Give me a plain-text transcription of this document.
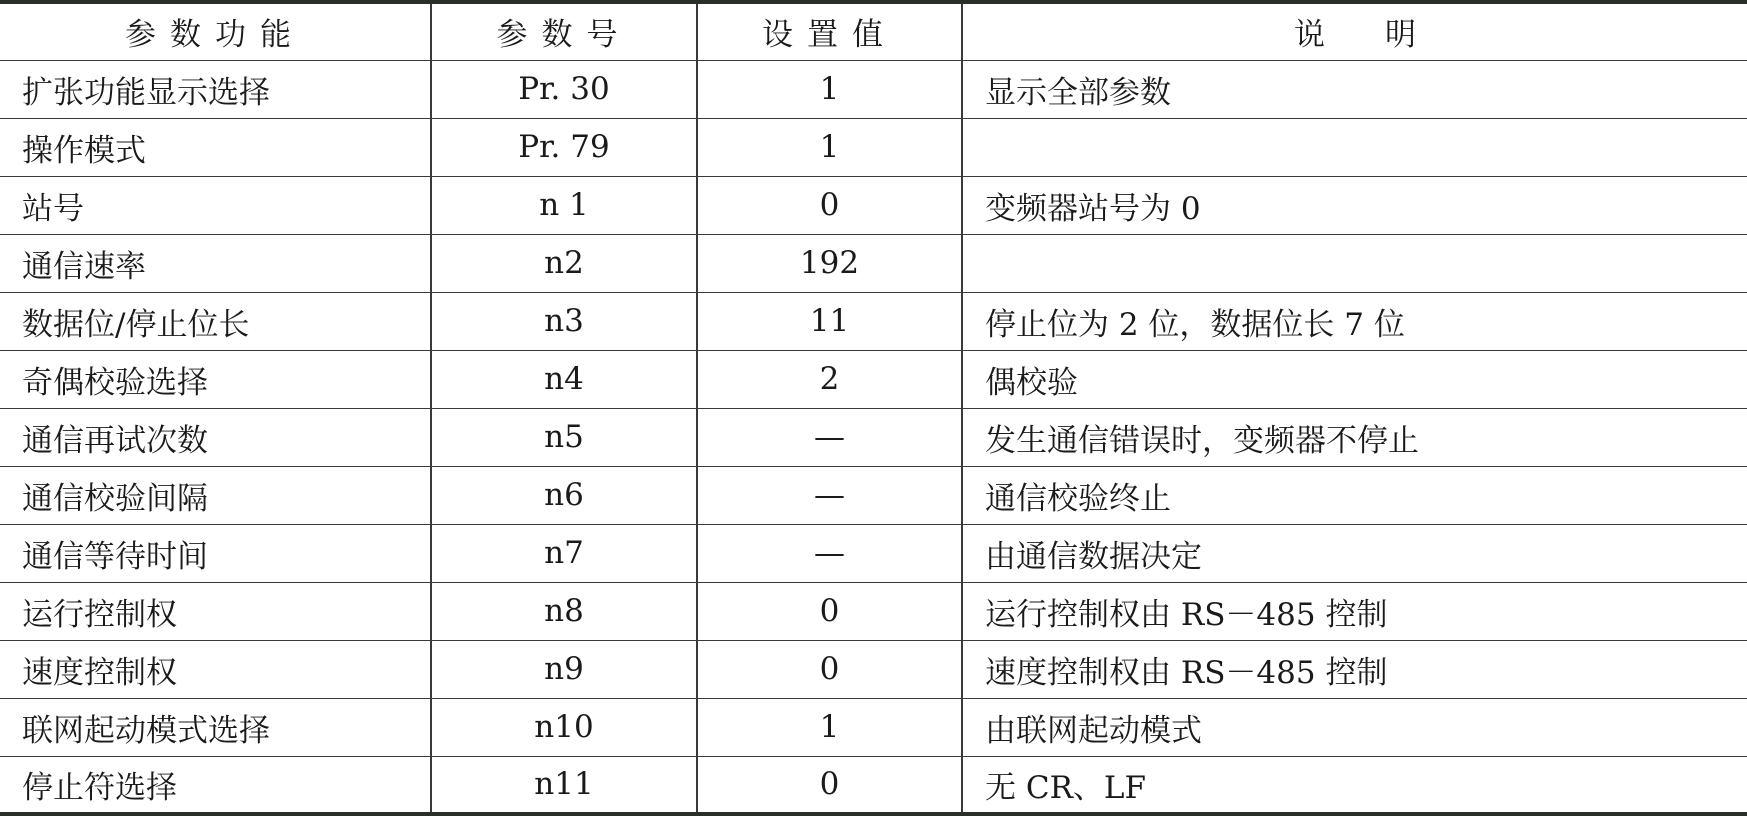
参数功能	参数号	设置值	说明
扩张功能显示选择	Pr. 30	1	显示全部参数
操作模式	Pr. 79	1	
站号	n 1	0	变频器站号为 0
通信速率	n2	192	
数据位/停止位长	n3	11	停止位为 2 位，数据位长 7 位
奇偶校验选择	n4	2	偶校验
通信再试次数	n5	—	发生通信错误时，变频器不停止
通信校验间隔	n6	—	通信校验终止
通信等待时间	n7	—	由通信数据决定
运行控制权	n8	0	运行控制权由 RS－485 控制
速度控制权	n9	0	速度控制权由 RS－485 控制
联网起动模式选择	n10	1	由联网起动模式
停止符选择	n11	0	无 CR、LF
